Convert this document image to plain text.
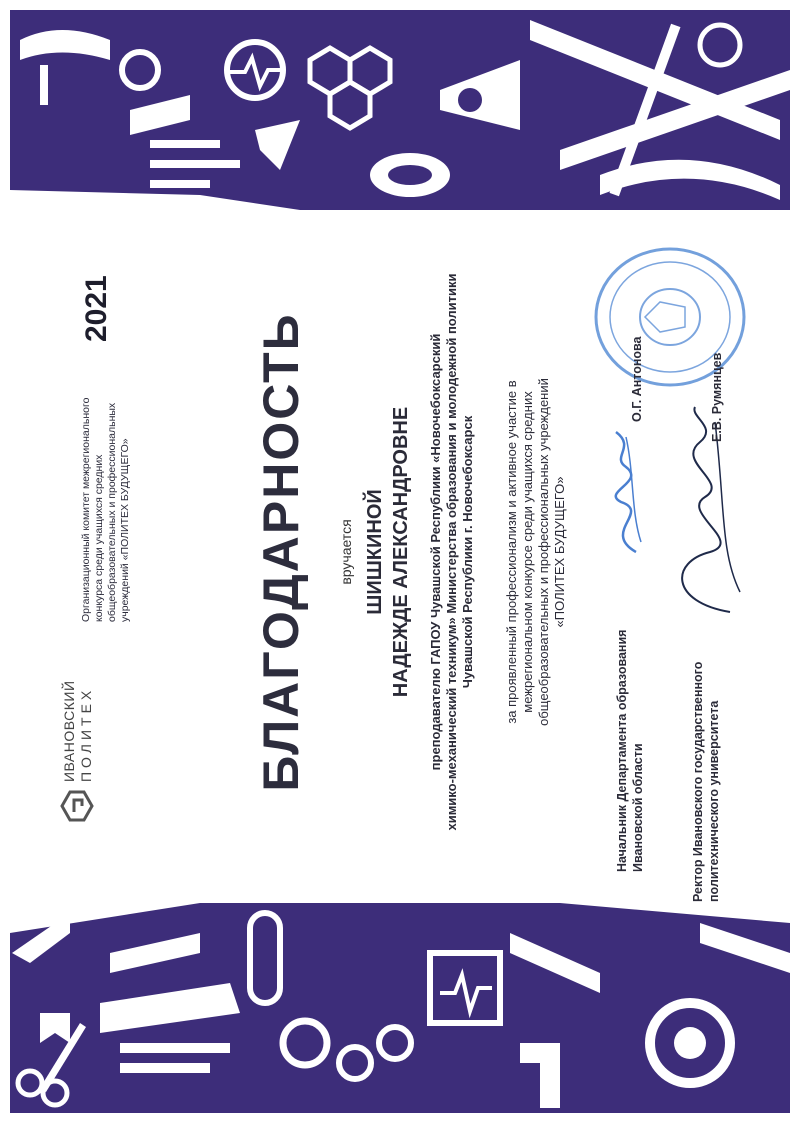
ИВАНОВСКИЙ ПОЛИТЕХ
Организационный комитет межрегионального конкурса среди учащихся средних общеобразовательных и профессиональных учреждений «ПОЛИТЕХ БУДУЩЕГО»
2021
БЛАГОДАРНОСТЬ вручается ШИШКИНОЙ НАДЕЖДЕ АЛЕКСАНДРОВНЕ преподавателю ГАПОУ Чувашской Республики «Новочебоксарский химико-механический техникум» Министерства образования и молодежной политики Чувашской Республики г. Новочебоксарск за проявленный профессионализм и активное участие в межрегиональном конкурсе среди учащихся средних общеобразовательных и профессиональных учреждений «ПОЛИТЕХ БУДУЩЕГО»
Начальник Департамента образования Ивановской области
О.Г. Антонова
Ректор Ивановского государственного политехнического университета
Е.В. Румянцев
